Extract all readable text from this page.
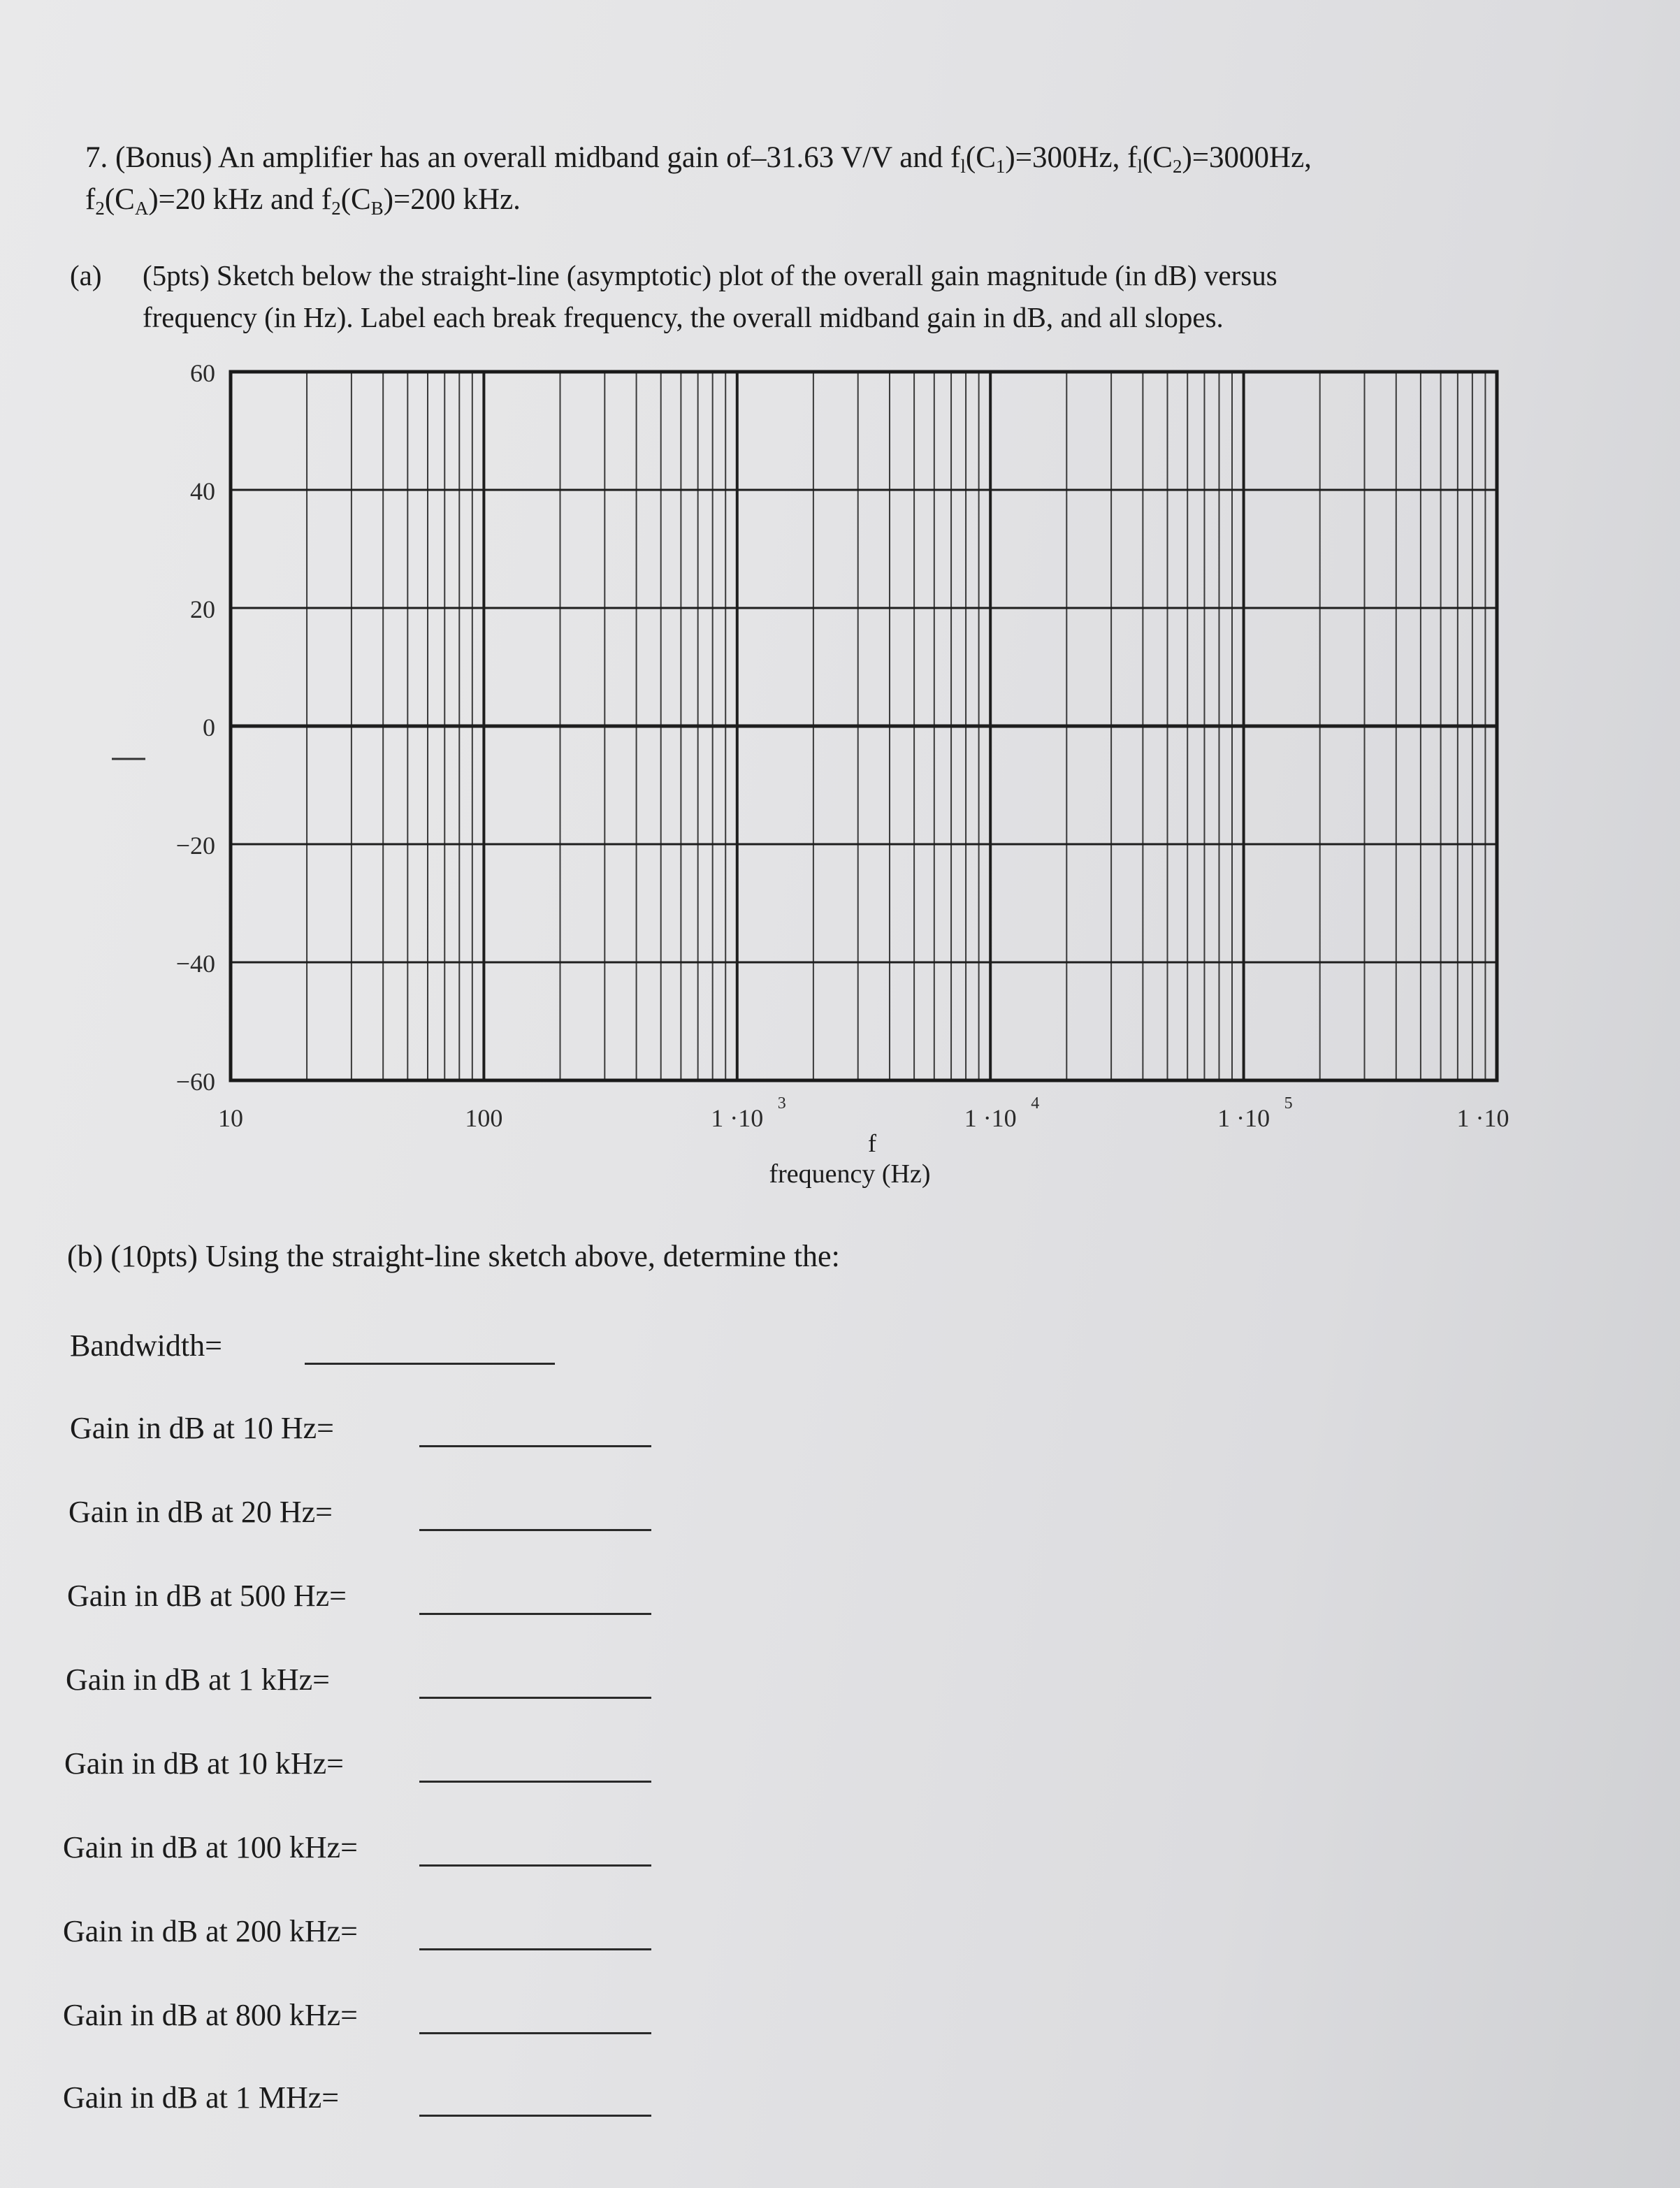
7. (Bonus) An amplifier has an overall midband gain of–31.63 V/V and $f_l(C_1)=300Hz$, $f_l(C_2)=3000Hz$,
$f_2(C_A)=20$ kHz and $f_2(C_B)=200$ kHz.
(a) (5pts) Sketch below the straight-line (asymptotic) plot of the overall gain magnitude (in dB) versus
frequency (in Hz). Label each break frequency, the overall midband gain in dB, and all slopes.
60
40
20
0
−20
−40
−60
10	100	1 ·10
3
1 ·10
4
1 ·10
5
1 ·10
f
frequency (Hz)
(b) (10pts) Using the straight-line sketch above, determine the:
Bandwidth=
Gain in dB at 10 Hz=
Gain in dB at 20 Hz=
Gain in dB at 500 Hz=
Gain in dB at 1 kHz=
Gain in dB at 10 kHz=
Gain in dB at 100 kHz=
Gain in dB at 200 kHz=
Gain in dB at 800 kHz=
Gain in dB at 1 MHz=
